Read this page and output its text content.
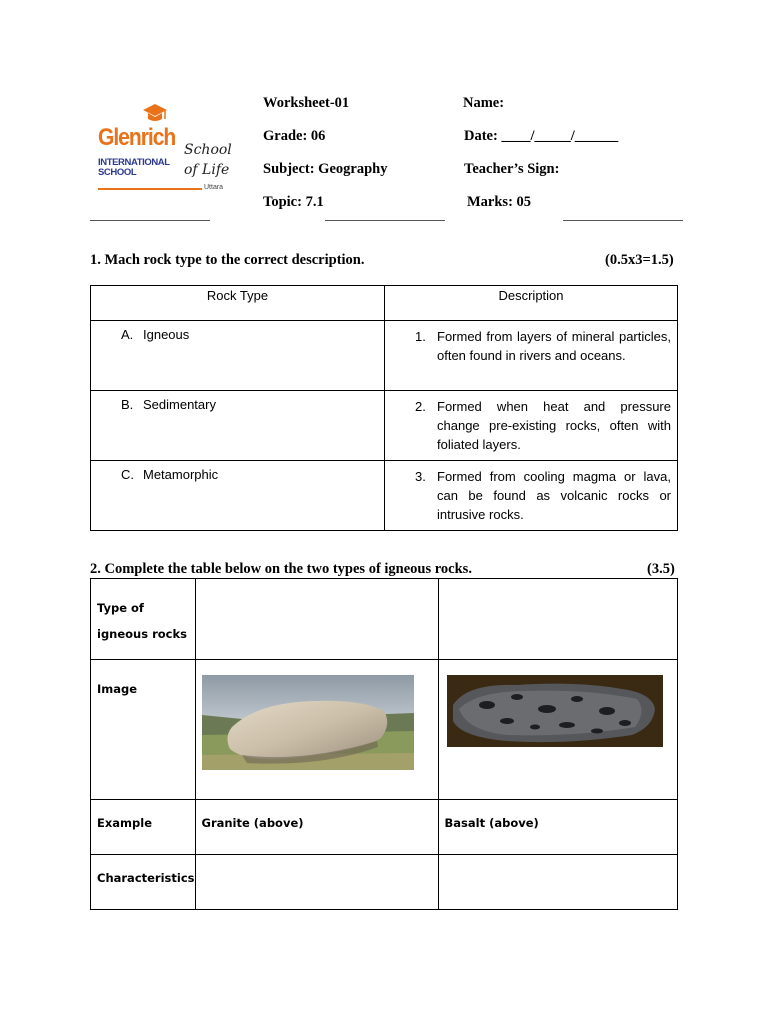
Glenrich
INTERNATIONAL
SCHOOL
School
of Life
Uttara
Worksheet-01
Grade: 06
Subject: Geography
Topic: 7.1
Name:
Date: ____/_____/______
Teacher’s Sign:
Marks: 05
1. Mach rock type to the correct description.	(0.5x3=1.5)
Rock Type	Description
A. Igneous	1. Formed from layers of mineral particles, often found in rivers and oceans.

B. Sedimentary	2. Formed when heat and pressure change pre-existing rocks, often with foliated layers.

C. Metamorphic	3. Formed from cooling magma or lava, can be found as volcanic rocks or intrusive rocks.
2. Complete the table below on the two types of igneous rocks.	(3.5)
Type of
igneous rocks		

Image		
Example	Granite (above)	Basalt (above)
Characteristics		
